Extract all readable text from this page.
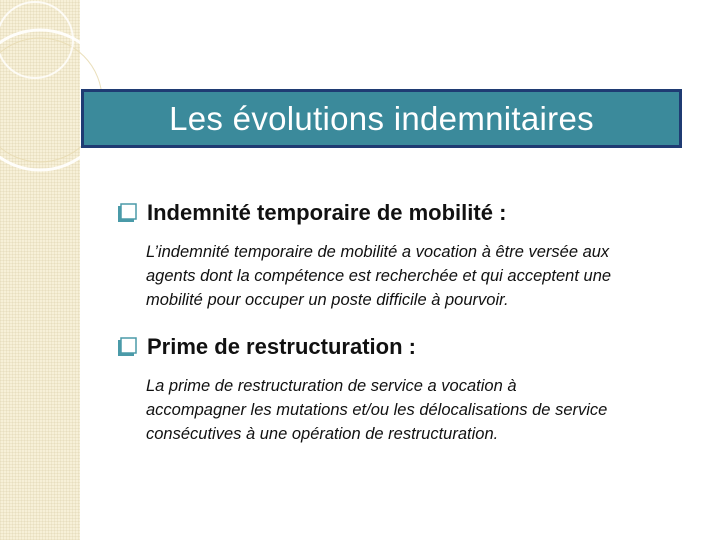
Les évolutions indemnitaires
Indemnité temporaire de mobilité :
L’indemnité temporaire de mobilité a vocation à être versée aux
agents dont la compétence est recherchée et qui acceptent une
mobilité pour occuper un poste difficile à pourvoir.
Prime de restructuration :
La prime de restructuration de service a vocation à
accompagner les mutations et/ou les délocalisations de service
consécutives à une opération de restructuration.
